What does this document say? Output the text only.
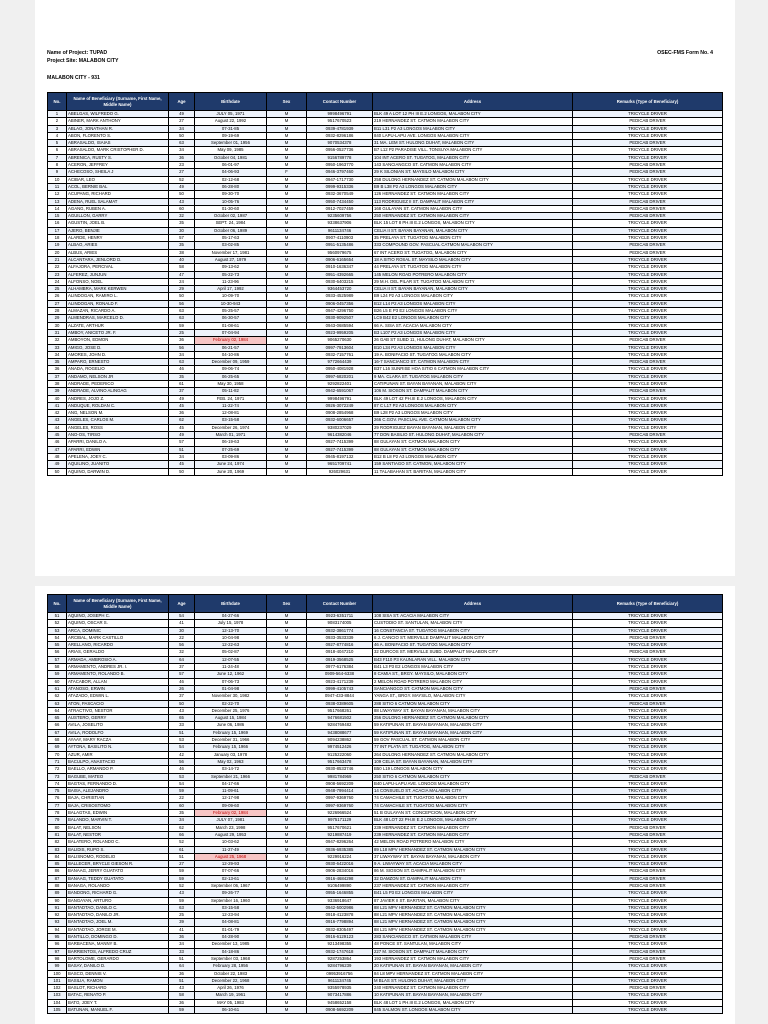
Name of Project: TUPAD	OSEC-FMS Form No. 4
Project Site: MALABON CITY
MALABON CITY - 931
No.	Name of Beneficiary (Surname, First Name, Middle Name)	Age	Birthdate	Sex	Contact Number	Address	Remarks (Type of Beneficiary)
1	ABELGAS, WILFREDO G.	49	JULY 05, 1971	M	9998496791	BLK 49 A LOT 12 PH III E.2 LONGOS, MALABON CITY	TRICYCLE DRIVER
2	ABINER, MARK ANTHONY	27	August 22, 1992	M	9517670523	219 HERNANDEZ ST. CATMON MALABON CITY	PEDICAB DRIVER
3	ABLAO, JONATHAN R.	34	07-31-85	M	0939-4781939	B11 L31 P2 A3 LONGOS MALABON CITY	TRICYCLE DRIVER
4	ABON, FLORENTO S.	50	09-19-69	M	0932-8296186	840 LAPU-LAPU AVE. LONGOS MALABON CITY	TRICYCLE DRIVER
5	ABRASALDO, ISAIAS	63	September 01, 1956	M	9070534378	31 MA. LEM ST. HULONG DUHAT, MALABON CITY	PEDICAB DRIVER
6	ABRASALDO, MARK CRISTOPHER D.	34	May 09, 1985	M	0956-0527736	B7 L12 P2 PARADISE VILL. TONSUYA MALABON CITY	TRICYCLE DRIVER
7	ABRENICA, RUSTY S.	36	October 04, 1981	M	9156789778	104 INT ACERO ST. TUGATOG, MALABON CITY	TRICYCLE DRIVER
8	ACERON, JEFFREY	23	06-01-97	M	0950-1963770	143 SANCIANGCO ST. CATMON MALABON CITY	PEDICAB DRIVER
9	ACHECOSO, SHEILA J	27	04-06-93	F	0946-3797460	29 K SILONIAN ST. MAYSILO MALABON CITY	PEDICAB DRIVER
10	ACIBAR, LEO	52	02-12-68	M	0947-1717730	258 DULONG HERNANDEZ ST. CATMON MALABON CITY	TRICYCLE DRIVER
11	ACOL, BERNIE BAL	49	06-28-80	M	0999-9315336	B9 B L38 P2 A3 LONGOS MALABON CITY	TRICYCLE DRIVER
12	ACUPANG, RICHARD	50	09-30-70	M	0932-3670549	126 HERNANDEZ ST. CATMON MALABON CITY	TRICYCLE DRIVER
13	ADENA, RUEL SALAMAT	43	10-05-76	M	0950-7434450	113 RODRIGUEZ II ST. DAMPALIT MALABON CITY	PEDICAB DRIVER
14	AGANG, RUBEN A.	60	01-30-60	M	0912-7027459	168 GULAYAN ST. CATMON MALABON CITY	PEDICAB DRIVER
15	AGUILLON, GARRY	32	October 02, 1987	M	9235609756	250 HERNANDEZ ST. CATMON MALABON CITY	PEDICAB DRIVER
16	AGUSTIN, JOEL B.	35	SEPT. 24, 1984	M	9338637906	BLK 15 LOT 8 PH.III E.2 LONGOS, MALABON CITY	TRICYCLE DRIVER
17	AJERO, BENJIE	30	October 06, 1989	M	9611134746	CELIA II ST. BAYAN BAYANAN, MALABON CITY	TRICYCLE DRIVER
18	ALARDE, HENRY	57	05-17-63	M	0907-4110903	35 PRELAYA ST. TUGATOG MALABON CITY	TRICYCLE DRIVER
19	ALBAO, ARIES	35	03-02-85	M	0951-5135486	333 COMPOUND GOV. PASCUAL CATMON MALABON CITY	PEDICAB DRIVER
20	ALBUS, ARIES	38	November 17, 1981	M	9560979675	67 INT ACERO ST. TUGATOG, MALABON CITY	PEDICAB DRIVER
21	ALCANTARA, JENLORD D.	40	August 27, 1979	M	0906-6165654	18 A SITIO ROSAL ST. MAYSILO MALABON CITY	TRICYCLE DRIVER
22	ALFAJORA, PERCIVAL	58	09-13-62	M	0910-1636347	44 PRELAYA ST. TUGATOG MALABON CITY	TRICYCLE DRIVER
23	ALFEREZ, JUNJUN	47	05-22-73	M	0951-4392665	145 MELON ROAD POTRERO MALABON CITY	TRICYCLE DRIVER
24	ALFONSO, NOEL	24	11-23-96	M	0930-6403215	29 M.H. DEL PILAR ST. TUGATOG MALABON CITY	TRICYCLE DRIVER
25	ALHAMBRA, MARK KERWEN	29	April 17, 1992	M	9364453720	CELIA II ST. BAYAN BAYANAN, MALABON CITY	TRICYCLE DRIVER
26	ALINDOGAN, RAMIRO L.	50	10-09-70	M	0933-4525989	B9 L24 P2 A3 LONGOS MALABON CITY	TRICYCLE DRIVER
27	ALINDOGAN, RONALD F.	56	10-30-943	M	0906-0457356	B12 L14 P2 A3 LONGOS MALABON CITY	TRICYCLE DRIVER
28	ALMAZAN, RICARDO A.	63	05-25-57	M	0947-4296750	B26 L5 E P3 E2 LONGOS MALABON CITY	TRICYCLE DRIVER
29	ALMENDRAS, MARCELO D.	63	06-30-57	M	0930-9092507	LC9 B42 E2 LONGOS MALABON CITY	TRICYCLE DRIVER
30	ALZATE, ARTHUR	59	01-08-61	M	0943-0685594	66 A. SISA ST. ACACIA MALABON CITY	TRICYCLE DRIVER
31	AMBOY, ANICETO JR. F.	25	07-04-94	M	0923-9959205	B3 L107 P2 A3 LONGOS MALABON CITY	TRICYCLE DRIVER
32	AMBOYON, EDMON	36	February 02, 1984	M	9065270630	26 GAB ST SUBD 11, HULONG DUHAT, MALABON CITY	PEDICAB DRIVER
33	AMIGO, JOSE D.	56	06-21-57	M	0997-7913604	B10 L34 P2 A3 LONGOS MALABON CITY	TRICYCLE DRIVER
34	AMORES, JOHN D.	34	04-10-86	M	0932-7157761	19 A. BONIFACIO ST. TUGATOG MALABON CITY	TRICYCLE DRIVER
35	AMPARO, ERNESTO	63	December 09, 1959	M	9772664439	16-7 SANCIANCO ST. CATMON MALABON CITY	PEDICAB DRIVER
36	ANADA, ROGELIO	46	09-06-74	M	0950-4081928	B37 L16 SUNRISE HOA SITIO 6 CATMON MALABON CITY	TRICYCLE DRIVER
37	ANDAMO, NELSON JR	35	06-25-65	M	0997-6820201	9 MA. CLARA ST. TUGATOG MALABON CITY	TRICYCLE DRIVER
38	ANDRADE, PEDERICO	61	May 30, 1958	M	9292822401	CATIPUNAN ST. BAYAN BAYANAN, MALABON CITY	TRICYCLE DRIVER
39	ANDRADE, ALVINO ALINGAG	37	05-11-82	M	0942-6591067	106 M. SIOSON ST. DAMPALIT MALABON CITY	PEDICAB DRIVER
40	ANDRES, JOJO Z.	49	FEB. 24, 1971	M	9998496791	BLK 49 LOT 42 PH.III E.2 LONGOS, MALABON CITY	TRICYCLE DRIVER
41	ANDUQUE, ROLDAN C.	45	11-22-74	M	0926-3072249	87 C L17 P2 A3 LONGOS MALABON CITY	TRICYCLE DRIVER
42	ANG, NELSON M.	36	12-08-81	M	0908-2854968	B9 L28 P2 A3 LONGOS MALABON CITY	TRICYCLE DRIVER
43	ANGELES, CARLOS M.	62	03-15-58	M	0932-6006657	266 C.GOV. PASCUAL AVE. CATMON MALABON CITY	TRICYCLE DRIVER
44	ANGELES, ROSS	45	December 26, 1974	M	9380237029	29 RODRIGUEZ BAYAN BAYANAN, MALABON CITY	TRICYCLE DRIVER
45	ANO-OS, TIRSO	49	March 01, 1971	M	9614382046	77 DON BASILIO ST. HULONG DUHAT, MALABON CITY	PEDICAB DRIVER
46	APARRI, DANILO A.	57	06-19-63	M	0927-7415399	88 GULAYAN ST. CATMON MALABON CITY	TRICYCLE DRIVER
47	APARRI, EDWIN	51	07-25-69	M	0927-7415399	88 GULAYAN ST. CATMON MALABON CITY	TRICYCLE DRIVER
48	APELENA, JOEY C.	34	03-09-86	M	0945-8197132	B12 B L8 P2 A3 LONGOS MALABON CITY	TRICYCLE DRIVER
49	AQUILINO, JUANITO	45	June 24, 1974	M	9651709741	159 SANTIAGO ST. CATMON, MALABON CITY	TRICYCLE DRIVER
50	AQUINO, DARWIN D.	50	June 20, 1969	M	926029631	11 TALABAHAN ST. BARITAN, MALABON CITY	TRICYCLE DRIVER
No.	Name of Beneficiary (Surname, First Name, Middle Name)	Age	Birthdate	Sex	Contact Number	Address	Remarks (Type of Beneficiary)
51	AQUINO, JOSEPH C.	54	04-27-66	M	0923-6351711	108 SISA ST. ACACIA MALABON CITY	TRICYCLE DRIVER
52	AQUINO, OSCAR S.	41	July 15, 1978	M	9083174005	CUSTODIO ST. SANTULAN, MALABON CITY	TRICYCLE DRIVER
53	ARCA, DOMINIC	30	12-13-70	M	0932-3861774	16 CONSTANCIA ST. TUGATOG MALABON CITY	TRICYCLE DRIVER
54	ARCIBAL, MARK CASTILLO	22	10-04-98	M	0933-3533339	6 J. CANCIO ST. MERVILLE DAMPALIT MALABON CITY	PEDICAB DRIVER
55	ARELLANO, RICARDO	56	12-22-63	M	0927-8774816	46 A. BONIFACIO ST. TUGATOG MALABON CITY	TRICYCLE DRIVER
56	ARIAS, GERALDO	32	05-02-87	M	0918-4047210	32 DURCOS ST. MERVILLE SUBD. DAMPALIT MALABON CITY	PEDICAB DRIVER
57	ARMADA, AMBROSIO A.	64	12-07-55	M	0919-3568525	B43 F110 P3 KAUNLARAN VILL. MALABON CITY	TRICYCLE DRIVER
58	ARMAMENTO, ANDRES JR. I.	37	11-24-48	M	0977-6176384	B41 L3 P3 E2 LONGOS MALABON CITY	TRICYCLE DRIVER
59	ARMAMENTO, ROLANDO B.	57	June 12, 1962	M	0909-564-6338	8 CAMIA ST., BRGY. MAYSILO, MALABON CITY	TRICYCLE DRIVER
60	ATACABOR, ALLAN	46	07-06-73	M	0923-4171239	2 MELON ROAD POTRERO MALABON CITY	TRICYCLE DRIVER
61	ATANOSO, ERWIN	26	01-04-98	M	0999-4105743	SANCIANGCO ST. CATMON MALABON CITY	PEDICAB DRIVER
62	ATAZADO, EDWIN L.	37	November 30, 1982	M	0947-433-8844	YANGA ST., BRGY. MAYSILO, MALABON CITY	TRICYCLE DRIVER
63	ATON, PASCACIO	50	02-22-70	M	0938-0389605	288 SITIO 6 CATMON MALABON CITY	PEDICAB DRIVER
64	ATRACTIVO, NESTOR	43	December 25, 1976	M	9517668261	88 LIWAYWAY ST. BAYAN BAYANAN, MALABON CITY	TRICYCLE DRIVER
65	AUSTERO, GERRY	65	August 15, 1984	M	9476681502	256 DULONG HERNANDEZ ST. CATMON MALABON CITY	TRICYCLE DRIVER
66	AVILA, JOSELITO	33	June 06, 1986	M	9284769482	59 KATIPUNAN ST. BAYAN BAYANAN, MALABON CITY	TRICYCLE DRIVER
67	AVILA, RODOLFO	51	February 15, 1969	M	9438088677	59 KATIPUNAN ST. BAYAN BAYANAN, MALABON CITY	TRICYCLE DRIVER
68	AYAAY, MARY RACZA	53	December 31, 1966	M	9094238862	59 GOV PASCUAL ST. CATMON MALABON CITY	TRICYCLE DRIVER
69	AYTONA, BASILITO N.	54	February 15, 1966	M	9974512426	77 INT PLATA ST. TUGATOG, MALABON CITY	TRICYCLE DRIVER
70	AZUR, AMIR	42	January 03, 1978	M	9125222060	264 DULONG HERNANDEZ ST. CATMON MALABON CITY	TRICYCLE DRIVER
71	BACULPO, ANASTACIO	56	May 02, 1963	M	9517663478	109 CELIA ST. BAYAN BAYANAN, MALABON CITY	TRICYCLE DRIVER
72	BAELLO, ARMANDO P.	46	03-14-72	M	0930-8533746	B50 L19 LONGOS MALABON CITY	TRICYCLE DRIVER
73	BAGUBE, MATEO	53	September 21, 1966	M	9981784969	250 SITIO 6 CATMON MALABON CITY	PEDICAB DRIVER
74	BAGTAS, FERNANDO D.	54	04-17-66	M	0908-5692209	B40 LAPU-LAPU AVE. LONGOS MALABON CITY	TRICYCLE DRIVER
75	BAISA, ALEJANDRO	59	11-09-61	M	0948-7994414	14 CONSUELO ST. ACACIA MALABON CITY	TRICYCLE DRIVER
76	BAJA, CHRISTIAN	22	12-17-98	M	0997-9369760	74 CAMACHILE ST. TUGATOG MALABON CITY	TRICYCLE DRIVER
77	BAJA, CRISOSTOMO	60	09-09-60	M	0997-9369760	74 CAMACHILE ST. TUGATOG MALABON CITY	TRICYCLE DRIVER
78	BALAGTAS, EDWIN	35	February 02, 1984	M	9226966524	51 B GULAYAN ST. CONCEPCION, MALABON CITY	TRICYCLE DRIVER
79	BALANDO, MARVIN T.	34	JULY 07, 1981	M	9975171129	BLK 48 LOT 22 PH.III E.2 LONGOS, MALABON CITY	TRICYCLE DRIVER
80	BALAT, NELSON	62	March 23, 1998	M	9517670621	239 HERNANDEZ ST. CATMON MALABON CITY	PEDICAB DRIVER
81	BALAT, NESTOR	66	August 29, 1953	M	9219887419	239 HERNANDEZ ST. CATMON MALABON CITY	PEDICAB DRIVER
82	BALATERO, ROLANDO C.	52	10-03-62	M	0947-8296264	42 MELON ROAD POTRERO MALABON CITY	TRICYCLE DRIVER
83	BALIDIS, RUPO S.	61	11-27-49	M	0936-6935385	89 L18 MPV HERNANDEZ ST. CATMON MALABON CITY	TRICYCLE DRIVER
84	BALISNOMO, RODELIO	51	August 25, 1968	M	9229916224	37 LIWAYWAY ST. BAYAN BAYANAN, MALABON CITY	TRICYCLE DRIVER
85	BALLECER, BRYCLE GIESON R.	27	12-29-93	M	0930-6422016	9 A. LIWAYWAY ST. ACACIA MALABON CITY	TRICYCLE DRIVER
86	BANAAG, JERRY GUATATO	59	07-07-66	M	0906-2834016	86 M. SIOSON ST. DAMPALIT MALABON CITY	PEDICAB DRIVER
87	BANAAG, TEDDY GUATATO	59	02-13-61	M	0916-4684298	32 DAMZON ST. DAMPALIT MALABON CITY	PEDICAB DRIVER
88	BANAGA, ROLANDO	52	September 06, 1967	M	9106499890	237 HERNANDEZ ST. CATMON MALABON CITY	PEDICAB DRIVER
89	BANDONG, RICHARD G.	43	09-26-77	M	0955-1646855	B41 L5 P3 E2 LONGOS MALABON CITY	TRICYCLE DRIVER
90	BANGAYAN, ARTURO	59	September 16, 1960	M	9336918647	87 JAVIER II ST. BARITAN, MALABON CITY	TRICYCLE DRIVER
91	BANTADTAO, DANILO C.	63	03-15-58	M	0942-5002986	88 L21 MPV HERNANDEZ ST. CATMON MALABON CITY	TRICYCLE DRIVER
92	BANTADTAO, DANILO JR.	25	12-23-94	M	0918-4123878	88 L21 MPV HERNANDEZ ST. CATMON MALABON CITY	TRICYCLE DRIVER
93	BANTADTAO, JOEL M.	39	04-08-81	M	0916-7798894	88 L21 MPV HERNANDEZ ST. CATMON MALABON CITY	TRICYCLE DRIVER
94	BANTADTAO, JORGE M.	41	01-01-79	M	0932-8305497	88 L21 MPV HERNANDEZ ST. CATMON MALABON CITY	TRICYCLE DRIVER
95	BANTILLO, DOMINGO D.	36	04-28-90	M	0916-6129123	283 SANCIANGCO ST. CATMON MALABON CITY	PEDICAB DRIVER
96	BARBACENA, MANNY B.	34	December 13, 1985	M	9213498355	48 PONCE ST. SANTULAN, MALABON CITY	TRICYCLE DRIVER
97	BARRIENTOS, ALFREDO CRUZ	33	04-18-86	M	0932-1747618	227 M. SIOSON ST. DAMPALIT MALABON CITY	PEDICAB DRIVER
98	BARTOLOME, GERARDO	51	September 03, 1968	M	9287253864	193 HERNANDEZ ST. CATMON MALABON CITY	PEDICAB DRIVER
99	BASAY, DANILO D.	64	February 28, 1956	M	9284796239	20 KATIPUNAN ST. BAYAN BAYANAN, MALABON CITY	TRICYCLE DRIVER
100	BASCO, DENNIS V.	36	October 22, 1983	M	09953916756	84 L8 MPV HERNANDEZ ST. CATMON MALABON CITY	TRICYCLE DRIVER
101	BASILIA, RAMON	51	December 22, 1968	M	9611134745	M BLAS ST. HULONG DUHAT, MALABON CITY	TRICYCLE DRIVER
102	BASLOT, RICHARD	43	April 26, 1976	M	9355978935	240 HERNANDEZ ST. CATMON MALABON CITY	PEDICAB DRIVER
103	BATAC, RENATO P.	58	March 19, 1961	M	9073417886	10 KATIPUNAN ST. BAYAN BAYANAN, MALABON CITY	TRICYCLE DRIVER
104	BATO, JOEY T.	36	MAY 05, 1983	M	9458652158	BLK 48 LOT 1 PH.III E.2 LONGOS, MALABON CITY	TRICYCLE DRIVER
105	BATUNAN, MANUEL F.	59	06-10-61	M	0908-5692209	845 SALMON ST. LONGOS MALABON CITY	TRICYCLE DRIVER
